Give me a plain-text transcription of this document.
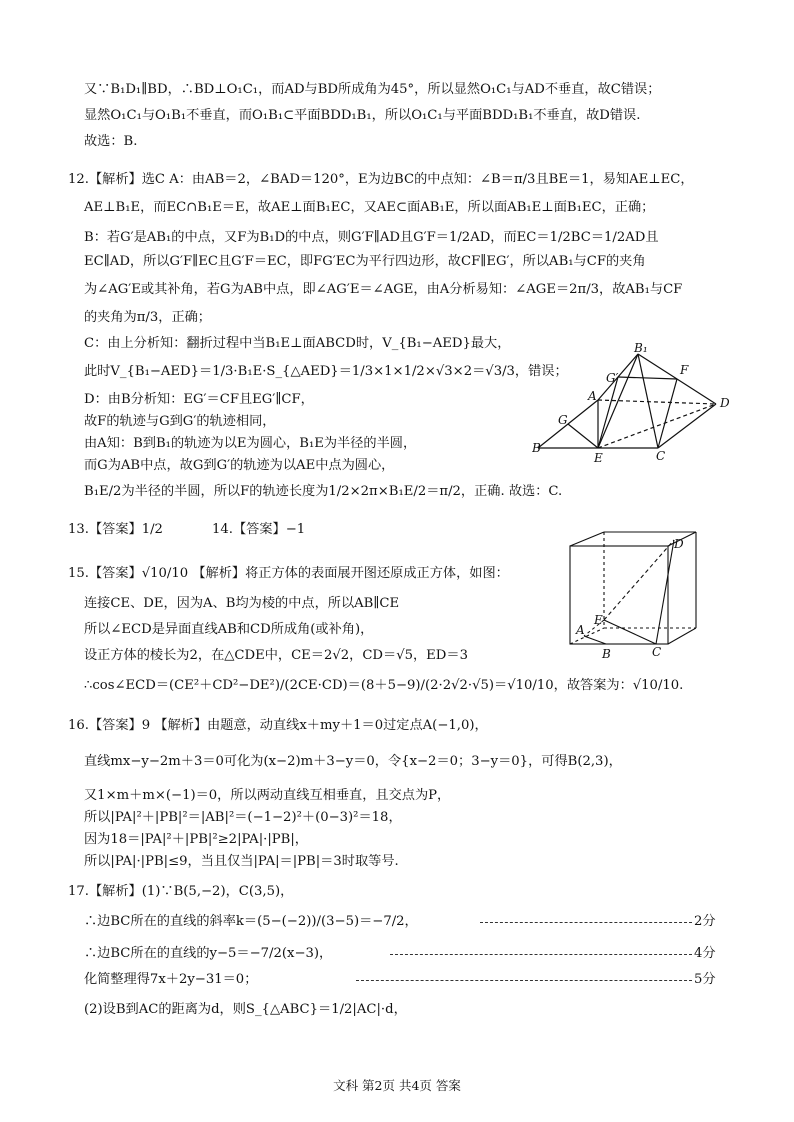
又∵B₁D₁∥BD，∴BD⊥O₁C₁，而AD与BD所成角为45°，所以显然O₁C₁与AD不垂直，故C错误；
显然O₁C₁与O₁B₁不垂直，而O₁B₁⊂平面BDD₁B₁，所以O₁C₁与平面BDD₁B₁不垂直，故D错误.
故选：B.
12.【解析】选C A：由AB＝2，∠BAD＝120°，E为边BC的中点知：∠B＝π/3且BE＝1，易知AE⊥EC，
AE⊥B₁E，而EC∩B₁E＝E，故AE⊥面B₁EC，又AE⊂面AB₁E，所以面AB₁E⊥面B₁EC，正确；
B：若G′是AB₁的中点，又F为B₁D的中点，则G′F∥AD且G′F＝1/2AD，而EC＝1/2BC＝1/2AD且
EC∥AD，所以G′F∥EC且G′F＝EC，即FG′EC为平行四边形，故CF∥EG′，所以AB₁与CF的夹角
为∠AG′E或其补角，若G为AB中点，即∠AG′E＝∠AGE，由A分析易知：∠AGE＝2π/3，故AB₁与CF
的夹角为π/3，正确；
C：由上分析知：翻折过程中当B₁E⊥面ABCD时，V_{B₁−AED}最大，
此时V_{B₁−AED}＝1/3·B₁E·S_{△AED}＝1/3×1×1/2×√3×2＝√3/3，错误；
D：由B分析知：EG′＝CF且EG′∥CF，
故F的轨迹与G到G′的轨迹相同，
由A知：B到B₁的轨迹为以E为圆心，B₁E为半径的半圆，
而G为AB中点，故G到G′的轨迹为以AE中点为圆心，
B₁E/2为半径的半圆，所以F的轨迹长度为1/2×2π×B₁E/2＝π/2，正确. 故选：C.
B₁
G′
F
A	D
G
B
E	C
13.【答案】1/2	14.【答案】−1
15.【答案】√10/10 【解析】将正方体的表面展开图还原成正方体，如图：
连接CE、DE，因为A、B均为棱的中点，所以AB∥CE
所以∠ECD是异面直线AB和CD所成角(或补角)，
设正方体的棱长为2，在△CDE中，CE＝2√2，CD＝√5，ED＝3
∴cos∠ECD＝(CE²＋CD²−DE²)/(2CE·CD)＝(8＋5−9)/(2·2√2·√5)＝√10/10，故答案为：√10/10.
D
E
A
B	C
16.【答案】9 【解析】由题意，动直线x＋my＋1＝0过定点A(−1,0)，
直线mx−y−2m＋3＝0可化为(x−2)m＋3−y＝0，令{x−2＝0；3−y＝0}，可得B(2,3)，
又1×m＋m×(−1)＝0，所以两动直线互相垂直，且交点为P，
所以|PA|²＋|PB|²＝|AB|²＝(−1−2)²＋(0−3)²＝18，
因为18＝|PA|²＋|PB|²≥2|PA|·|PB|，
所以|PA|·|PB|≤9，当且仅当|PA|＝|PB|＝3时取等号.
17.【解析】(1)∵B(5,−2)，C(3,5)，
∴边BC所在的直线的斜率k＝(5−(−2))/(3−5)＝−7/2，
∴边BC所在的直线的y−5＝−7/2(x−3)，
化简整理得7x＋2y−31＝0；
(2)设B到AC的距离为d，则S_{△ABC}＝1/2|AC|·d，
2分
4分
5分
文科 第2页 共4页 答案
